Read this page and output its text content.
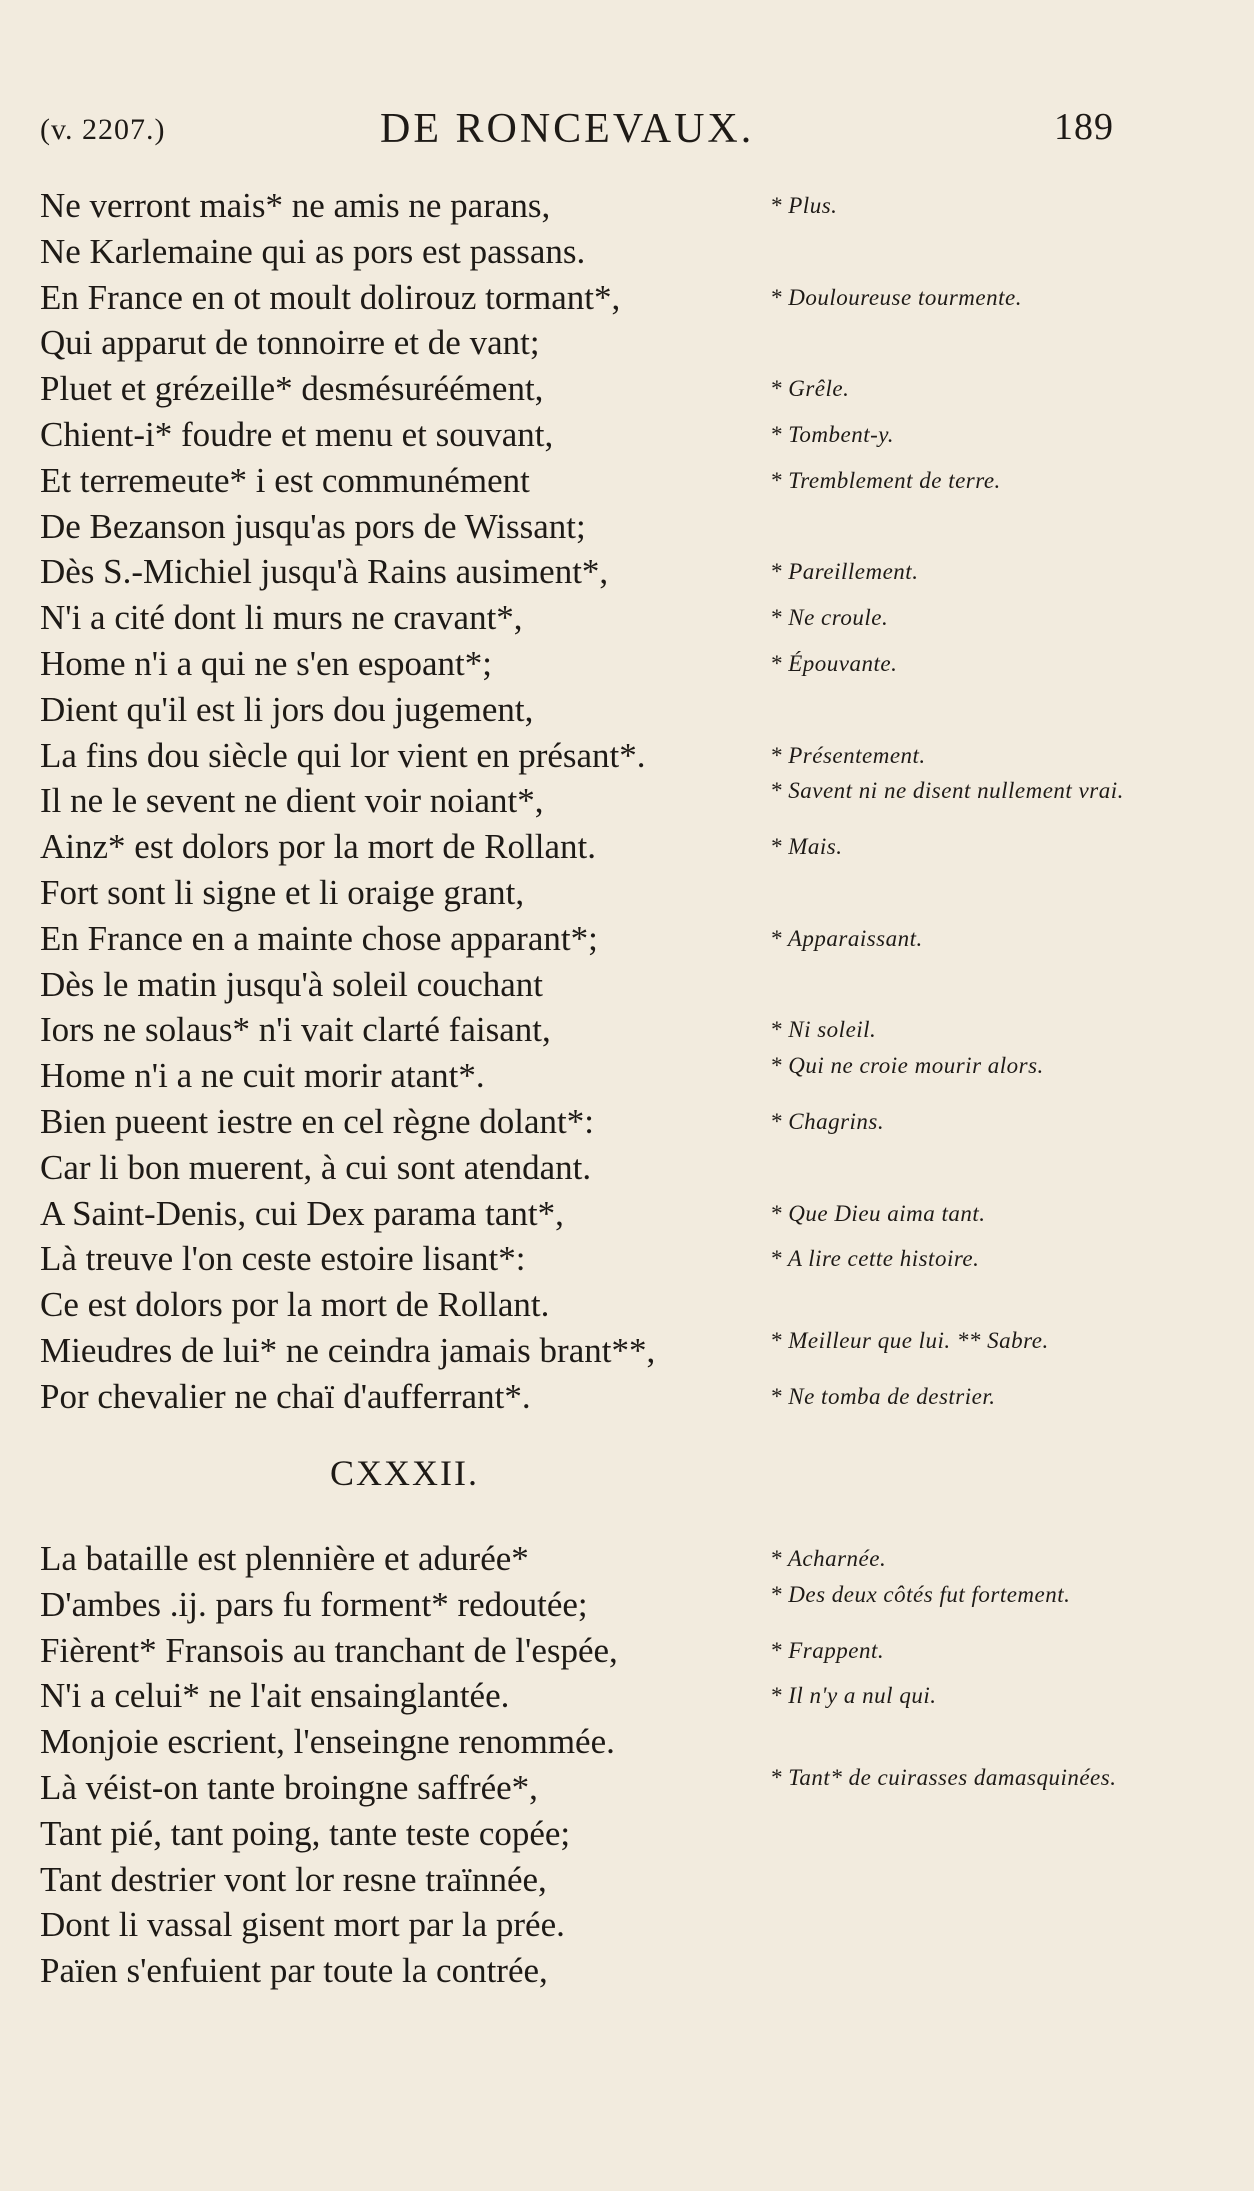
(v. 2207.)	DE RONCEVAUX.	189
Ne verront mais* ne amis ne parans,
Ne Karlemaine qui as pors est passans.
En France en ot moult dolirouz tormant*,
Qui apparut de tonnoirre et de vant;
Pluet et grézeille* desmésuréément,
Chient-i* foudre et menu et souvant,
Et terremeute* i est communément
De Bezanson jusqu'as pors de Wissant;
Dès S.-Michiel jusqu'à Rains ausiment*,
N'i a cité dont li murs ne cravant*,
Home n'i a qui ne s'en espoant*;
Dient qu'il est li jors dou jugement,
La fins dou siècle qui lor vient en présant*.
Il ne le sevent ne dient voir noiant*,
Ainz* est dolors por la mort de Rollant.
Fort sont li signe et li oraige grant,
En France en a mainte chose apparant*;
Dès le matin jusqu'à soleil couchant
Iors ne solaus* n'i vait clarté faisant,
Home n'i a ne cuit morir atant*.
Bien pueent iestre en cel règne dolant*:
Car li bon muerent, à cui sont atendant.
A Saint-Denis, cui Dex parama tant*,
Là treuve l'on ceste estoire lisant*:
Ce est dolors por la mort de Rollant.
Mieudres de lui* ne ceindra jamais brant**,
Por chevalier ne chaï d'aufferrant*.
* Plus.
* Douloureuse tourmente.
* Grêle.
* Tombent-y.
* Tremblement de terre.
* Pareillement.
* Ne croule.
* Épouvante.
* Présentement.
* Savent ni ne disent nullement vrai.
* Mais.
* Apparaissant.
* Ni soleil.
* Qui ne croie mourir alors.
* Chagrins.
* Que Dieu aima tant.
* A lire cette histoire.
* Meilleur que lui. ** Sabre.
* Ne tomba de destrier.
CXXXII.
La bataille est plennière et adurée*
D'ambes .ij. pars fu forment* redoutée;
Fièrent* Fransois au tranchant de l'espée,
N'i a celui* ne l'ait ensainglantée.
Monjoie escrient, l'enseingne renommée.
Là véist-on tante broingne saffrée*,
Tant pié, tant poing, tante teste copée;
Tant destrier vont lor resne traïnnée,
Dont li vassal gisent mort par la prée.
Païen s'enfuient par toute la contrée,
* Acharnée.
* Des deux côtés fut fortement.
* Frappent.
* Il n'y a nul qui.
* Tant* de cuirasses damasquinées.
